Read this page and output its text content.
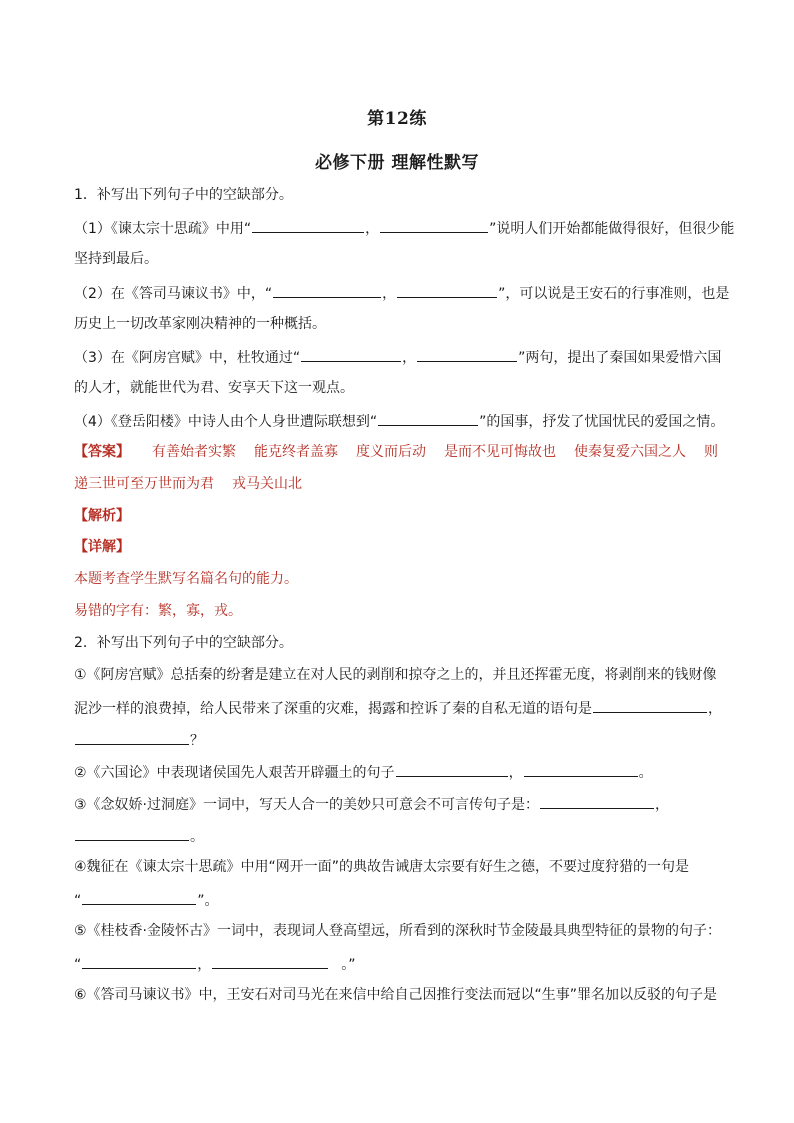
第12练
必修下册 理解性默写
1．补写出下列句子中的空缺部分。
（1）《谏太宗十思疏》中用“	，	”说明人们开始都能做得很好，但很少能
坚持到最后。
（2）在《答司马谏议书》中，“	，	”，可以说是王安石的行事准则，也是
历史上一切改革家刚决精神的一种概括。
（3）在《阿房宫赋》中，杜牧通过“	，	”两句，提出了秦国如果爱惜六国
的人才，就能世代为君、安享天下这一观点。
（4）《登岳阳楼》中诗人由个人身世遭际联想到“	”的国事，抒发了忧国忧民的爱国之情。
【答案】 有善始者实繁 能克终者盖寡 度义而后动 是而不见可悔故也 使秦复爱六国之人 则
递三世可至万世而为君 戎马关山北
【解析】
【详解】
本题考查学生默写名篇名句的能力。
易错的字有：繁，寡，戎。
2．补写出下列句子中的空缺部分。
①《阿房宫赋》总括秦的纷奢是建立在对人民的剥削和掠夺之上的，并且还挥霍无度，将剥削来的钱财像
泥沙一样的浪费掉，给人民带来了深重的灾难，揭露和控诉了秦的自私无道的语句是	，
？
②《六国论》中表现诸侯国先人艰苦开辟疆土的句子	，	。
③《念奴娇·过洞庭》一词中，写天人合一的美妙只可意会不可言传句子是：	，
。
④魏征在《谏太宗十思疏》中用“网开一面”的典故告诫唐太宗要有好生之德，不要过度狩猎的一句是
“	”。
⑤《桂枝香·金陵怀古》一词中，表现词人登高望远，所看到的深秋时节金陵最具典型特征的景物的句子：
“	，	。”
⑥《答司马谏议书》中，王安石对司马光在来信中给自己因推行变法而冠以“生事”罪名加以反驳的句子是
